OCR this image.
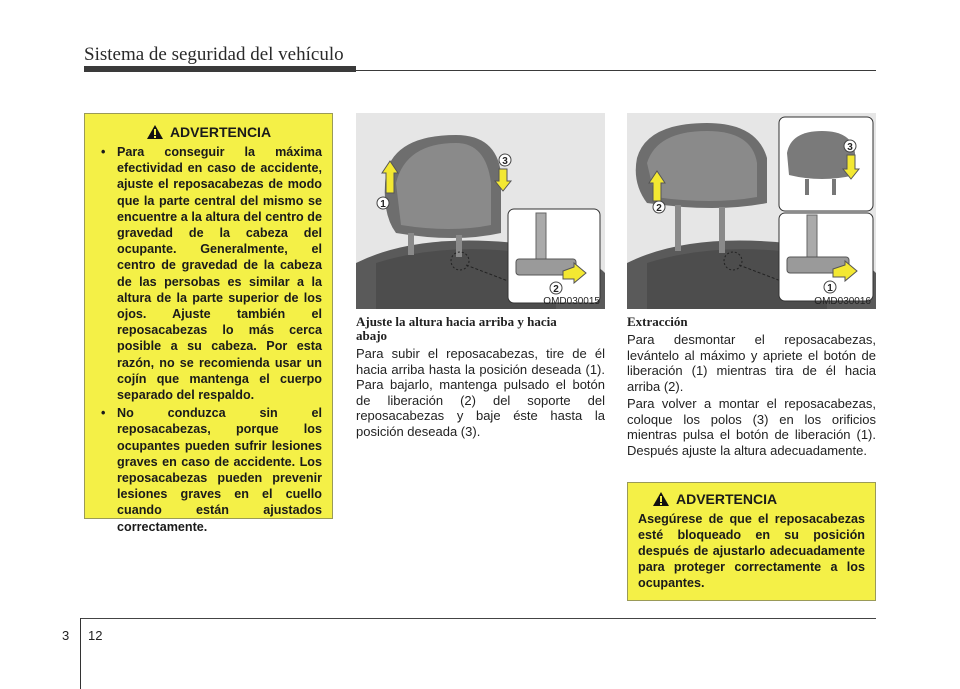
Sistema de seguridad del vehículo
ADVERTENCIA
• Para conseguir la máxima efectividad en caso de accidente, ajuste el reposacabezas de modo que la parte central del mismo se encuentre a la altura del centro de gravedad de la cabeza del ocupante. Generalmente, el centro de gravedad de la cabeza de las persobas es similar a la altura de la parte superior de los ojos. Ajuste también el reposacabezas lo más cerca posible a su cabeza. Por esta razón, no se recomienda usar un cojín que mantenga el cuerpo separado del respaldo.
• No conduzca sin el reposacabezas, porque los ocupantes pueden sufrir lesiones graves en caso de accidente. Los reposacabezas pueden prevenir lesiones graves en el cuello cuando están ajustados correctamente.
1
3
2
OMD030015
2
3
1
OMD030016
Ajuste la altura hacia arriba y hacia abajo

Para subir el reposacabezas, tire de él hacia arriba hasta la posición deseada (1). Para bajarlo, mantenga pulsado el botón de liberación (2) del soporte del reposacabezas y baje éste hasta la posición deseada (3).

Extracción

Para desmontar el reposacabezas, levántelo al máximo y apriete el botón de liberación (1) mientras tira de él hacia arriba (2).

Para volver a montar el reposacabezas, coloque los polos (3) en los orificios mientras pulsa el botón de liberación (1). Después ajuste la altura adecuadamente.

ADVERTENCIA

Asegúrese de que el reposacabezas esté bloqueado en su posición después de ajustarlo adecuadamente para proteger correctamente a los ocupantes.

3 12
